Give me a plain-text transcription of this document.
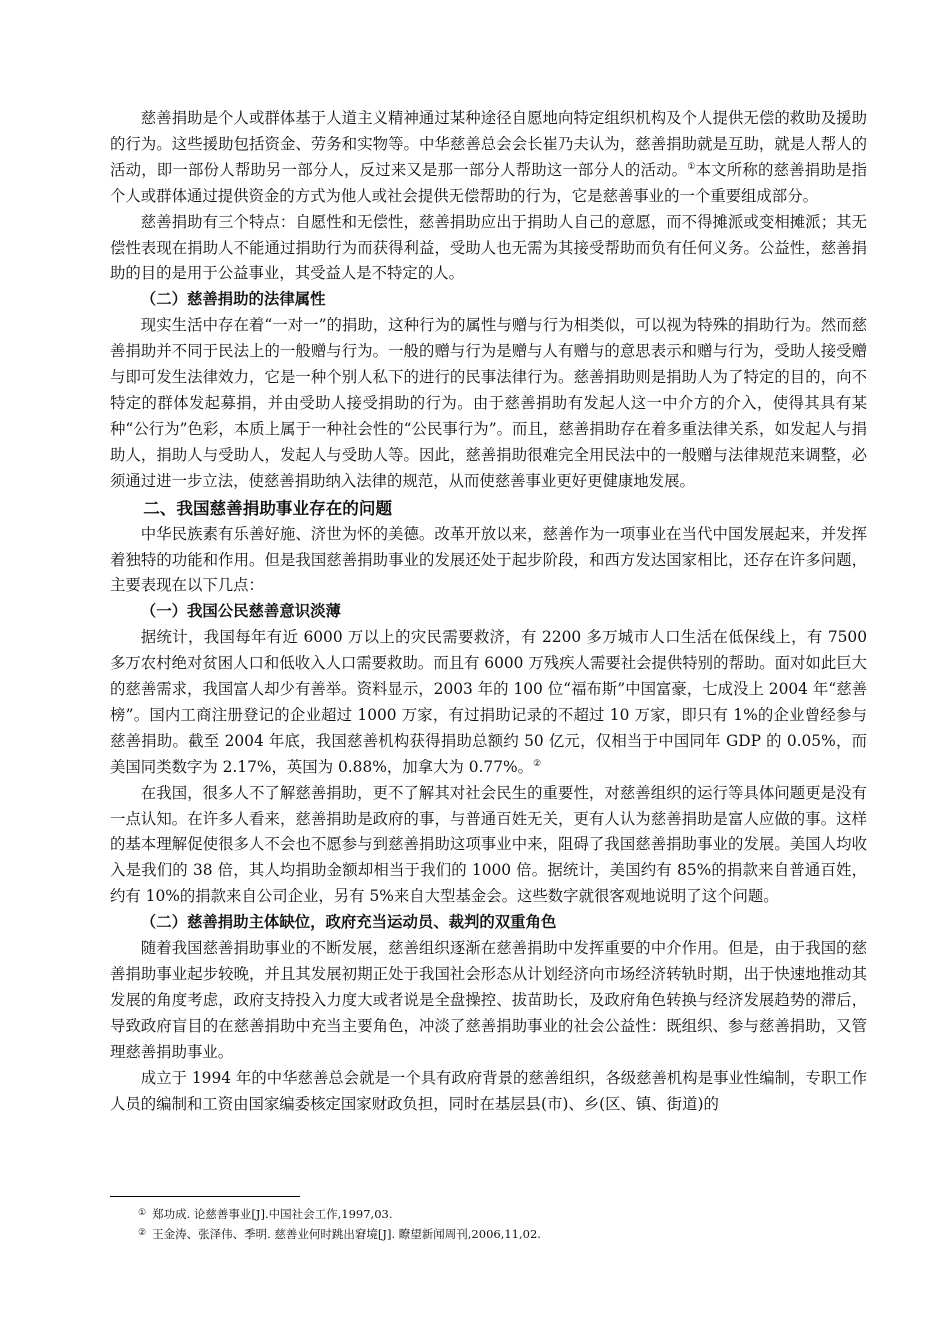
慈善捐助是个人或群体基于人道主义精神通过某种途径自愿地向特定组织机构及个人提供无偿的救助及援助的行为。这些援助包括资金、劳务和实物等。中华慈善总会会长崔乃夫认为，慈善捐助就是互助，就是人帮人的活动，即一部份人帮助另一部分人，反过来又是那一部分人帮助这一部分人的活动。①本文所称的慈善捐助是指个人或群体通过提供资金的方式为他人或社会提供无偿帮助的行为，它是慈善事业的一个重要组成部分。

慈善捐助有三个特点：自愿性和无偿性，慈善捐助应出于捐助人自己的意愿，而不得摊派或变相摊派；其无偿性表现在捐助人不能通过捐助行为而获得利益，受助人也无需为其接受帮助而负有任何义务。公益性，慈善捐助的目的是用于公益事业，其受益人是不特定的人。

（二）慈善捐助的法律属性

现实生活中存在着“一对一”的捐助，这种行为的属性与赠与行为相类似，可以视为特殊的捐助行为。然而慈善捐助并不同于民法上的一般赠与行为。一般的赠与行为是赠与人有赠与的意思表示和赠与行为，受助人接受赠与即可发生法律效力，它是一种个别人私下的进行的民事法律行为。慈善捐助则是捐助人为了特定的目的，向不特定的群体发起募捐，并由受助人接受捐助的行为。由于慈善捐助有发起人这一中介方的介入，使得其具有某种“公行为”色彩，本质上属于一种社会性的“公民事行为”。而且，慈善捐助存在着多重法律关系，如发起人与捐助人，捐助人与受助人，发起人与受助人等。因此，慈善捐助很难完全用民法中的一般赠与法律规范来调整，必须通过进一步立法，使慈善捐助纳入法律的规范，从而使慈善事业更好更健康地发展。

二、我国慈善捐助事业存在的问题

中华民族素有乐善好施、济世为怀的美德。改革开放以来，慈善作为一项事业在当代中国发展起来，并发挥着独特的功能和作用。但是我国慈善捐助事业的发展还处于起步阶段，和西方发达国家相比，还存在许多问题，主要表现在以下几点：

（一）我国公民慈善意识淡薄

据统计，我国每年有近 6000 万以上的灾民需要救济，有 2200 多万城市人口生活在低保线上，有 7500 多万农村绝对贫困人口和低收入人口需要救助。而且有 6000 万残疾人需要社会提供特别的帮助。面对如此巨大的慈善需求，我国富人却少有善举。资料显示，2003 年的 100 位“福布斯”中国富豪，七成没上 2004 年“慈善榜”。国内工商注册登记的企业超过 1000 万家，有过捐助记录的不超过 10 万家，即只有 1%的企业曾经参与慈善捐助。截至 2004 年底，我国慈善机构获得捐助总额约 50 亿元，仅相当于中国同年 GDP 的 0.05%，而美国同类数字为 2.17%，英国为 0.88%，加拿大为 0.77%。②

在我国，很多人不了解慈善捐助，更不了解其对社会民生的重要性，对慈善组织的运行等具体问题更是没有一点认知。在许多人看来，慈善捐助是政府的事，与普通百姓无关，更有人认为慈善捐助是富人应做的事。这样的基本理解促使很多人不会也不愿参与到慈善捐助这项事业中来，阻碍了我国慈善捐助事业的发展。美国人均收入是我们的 38 倍，其人均捐助金额却相当于我们的 1000 倍。据统计，美国约有 85%的捐款来自普通百姓，约有 10%的捐款来自公司企业，另有 5%来自大型基金会。这些数字就很客观地说明了这个问题。

（二）慈善捐助主体缺位，政府充当运动员、裁判的双重角色

随着我国慈善捐助事业的不断发展，慈善组织逐渐在慈善捐助中发挥重要的中介作用。但是，由于我国的慈善捐助事业起步较晚，并且其发展初期正处于我国社会形态从计划经济向市场经济转轨时期，出于快速地推动其发展的角度考虑，政府支持投入力度大或者说是全盘操控、拔苗助长，及政府角色转换与经济发展趋势的滞后，导致政府盲目的在慈善捐助中充当主要角色，冲淡了慈善捐助事业的社会公益性：既组织、参与慈善捐助，又管理慈善捐助事业。

成立于 1994 年的中华慈善总会就是一个具有政府背景的慈善组织，各级慈善机构是事业性编制，专职工作人员的编制和工资由国家编委核定国家财政负担，同时在基层县(市)、乡(区、镇、街道)的

① 郑功成. 论慈善事业[J].中国社会工作,1997,03.

② 王金涛、张泽伟、季明. 慈善业何时跳出窘境[J]. 瞭望新闻周刊,2006,11,02.
